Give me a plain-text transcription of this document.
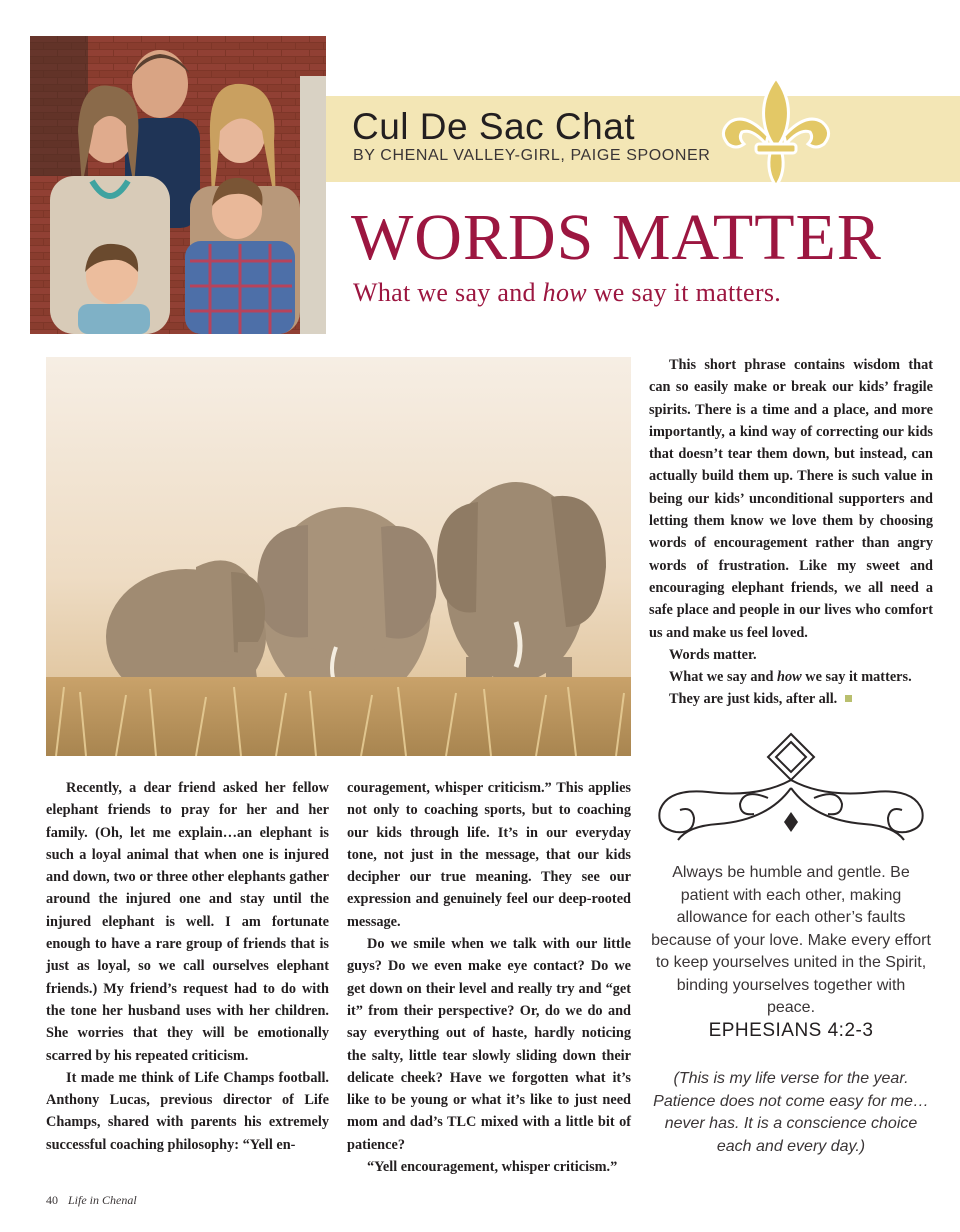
Cul De Sac Chat
BY CHENAL VALLEY-GIRL, PAIGE SPOONER
WORDS MATTER
What we say and how we say it matters.

This short phrase contains wisdom that can so easily make or break our kids’ fragile spirits. There is a time and a place, and more importantly, a kind way of correcting our kids that doesn’t tear them down, but instead, can actually build them up. There is such value in being our kids’ unconditional supporters and letting them know we love them by choosing words of encouragement rather than angry words of frustration. Like my sweet and encouraging elephant friends, we all need a safe place and people in our lives who comfort us and make us feel loved.

Words matter.

What we say and how we say it matters.

They are just kids, after all.

Always be humble and gentle. Be patient with each other, making allowance for each other’s faults because of your love. Make every effort to keep yourselves united in the Spirit, binding yourselves together with peace.
EPHESIANS 4:2-3
(This is my life verse for the year. Patience does not come easy for me…never has. It is a conscience choice each and every day.)

Recently, a dear friend asked her fellow elephant friends to pray for her and her family. (Oh, let me explain…an elephant is such a loyal animal that when one is injured and down, two or three other elephants gather around the injured one and stay until the injured elephant is well. I am fortunate enough to have a rare group of friends that is just as loyal, so we call ourselves elephant friends.) My friend’s request had to do with the tone her husband uses with her children. She worries that they will be emotionally scarred by his repeated criticism.

It made me think of Life Champs football. Anthony Lucas, previous director of Life Champs, shared with parents his extremely successful coaching philosophy: “Yell en-

couragement, whisper criticism.” This applies not only to coaching sports, but to coaching our kids through life. It’s in our everyday tone, not just in the message, that our kids decipher our true meaning. They see our expression and genuinely feel our deep-rooted message.

Do we smile when we talk with our little guys? Do we even make eye contact? Do we get down on their level and really try and “get it” from their perspective? Or, do we do and say everything out of haste, hardly noticing the salty, little tear slowly sliding down their delicate cheek? Have we forgotten what it’s like to be young or what it’s like to just need mom and dad’s TLC mixed with a little bit of patience?

“Yell encouragement, whisper criticism.”

40 Life in Chenal
